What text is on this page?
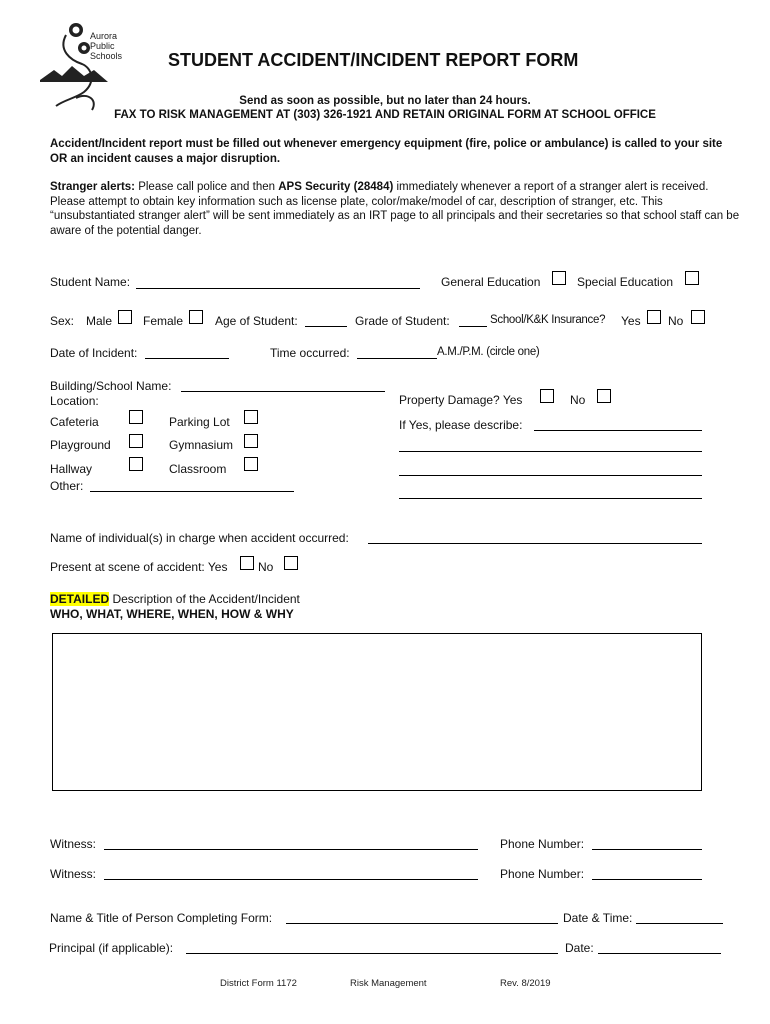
Aurora
Public
Schools	STUDENT ACCIDENT/INCIDENT REPORT FORM
Send as soon as possible, but no later than 24 hours.
FAX TO RISK MANAGEMENT AT (303) 326-1921 AND RETAIN ORIGINAL FORM AT SCHOOL OFFICE
Accident/Incident report must be filled out whenever emergency equipment (fire, police or ambulance) is called to your site OR an incident causes a major disruption.
Stranger alerts: Please call police and then APS Security (28484) immediately whenever a report of a stranger alert is received. Please attempt to obtain key information such as license plate, color/make/model of car, description of stranger, etc. This “unsubstantiated stranger alert” will be sent immediately as an IRT page to all principals and their secretaries so that school staff can be aware of the potential danger.
Student Name:	General Education	Special Education
Sex: Male	Female	Age of Student:	Grade of Student:	School/K&K Insurance? Yes No
Date of Incident:	Time occurred:	A.M./P.M. (circle one)
Building/School Name:
Location:
Cafeteria	Parking Lot
Playground	Gymnasium
Hallway	Classroom
Other:
Property Damage? Yes	No
If Yes, please describe:
Name of individual(s) in charge when accident occurred:
Present at scene of accident: Yes	No
DETAILED Description of the Accident/Incident
WHO, WHAT, WHERE, WHEN, HOW & WHY
Witness:	Phone Number:
Witness:	Phone Number:
Name & Title of Person Completing Form:	Date & Time:
Principal (if applicable):	Date:
District Form 1172	Risk Management	Rev. 8/2019
